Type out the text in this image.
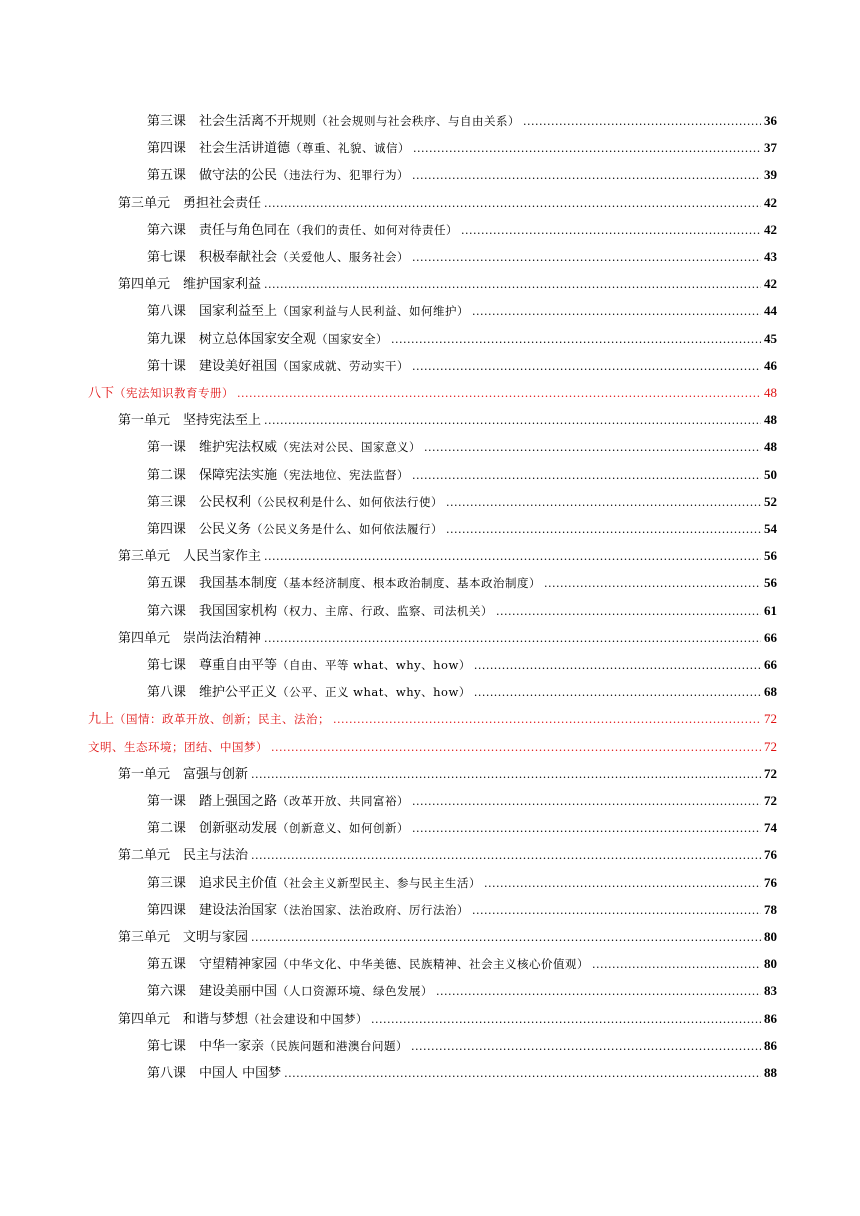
第三课　社会生活离不开规则（社会规则与社会秩序、与自由关系） .....	36
第四课　社会生活讲道德（尊重、礼貌、诚信） .....	37
第五课　做守法的公民（违法行为、犯罪行为） .....	39
第三单元　勇担社会责任 .....	42
第六课　责任与角色同在（我们的责任、如何对待责任） .....	42
第七课　积极奉献社会（关爱他人、服务社会） .....	43
第四单元　维护国家利益 .....	42
第八课　国家利益至上（国家利益与人民利益、如何维护） .....	44
第九课　树立总体国家安全观（国家安全） .....	45
第十课　建设美好祖国（国家成就、劳动实干） .....	46
八下（宪法知识教育专册） .....	48
第一单元　坚持宪法至上 .....	48
第一课　维护宪法权威（宪法对公民、国家意义） .....	48
第二课　保障宪法实施（宪法地位、宪法监督） .....	50
第三课　公民权利（公民权利是什么、如何依法行使） .....	52
第四课　公民义务（公民义务是什么、如何依法履行） .....	54
第三单元　人民当家作主 .....	56
第五课　我国基本制度（基本经济制度、根本政治制度、基本政治制度） .....	56
第六课　我国国家机构（权力、主席、行政、监察、司法机关） .....	61
第四单元　崇尚法治精神 .....	66
第七课　尊重自由平等（自由、平等 what、why、how） .....	66
第八课　维护公平正义（公平、正义 what、why、how） .....	68
九上（国情：政革开放、创新；民主、法治； .....	72
文明、生态环境；团结、中国梦） .....	72
第一单元　富强与创新 .....	72
第一课　踏上强国之路（改革开放、共同富裕） .....	72
第二课　创新驱动发展（创新意义、如何创新） .....	74
第二单元　民主与法治 .....	76
第三课　追求民主价值（社会主义新型民主、参与民主生活） .....	76
第四课　建设法治国家（法治国家、法治政府、厉行法治） .....	78
第三单元　文明与家园 .....	80
第五课　守望精神家园（中华文化、中华美德、民族精神、社会主义核心价值观） .....	80
第六课　建设美丽中国（人口资源环境、绿色发展） .....	83
第四单元　和谐与梦想（社会建设和中国梦） .....	86
第七课　中华一家亲（民族问题和港澳台问题） .....	86
第八课　中国人 中国梦 .....	88
